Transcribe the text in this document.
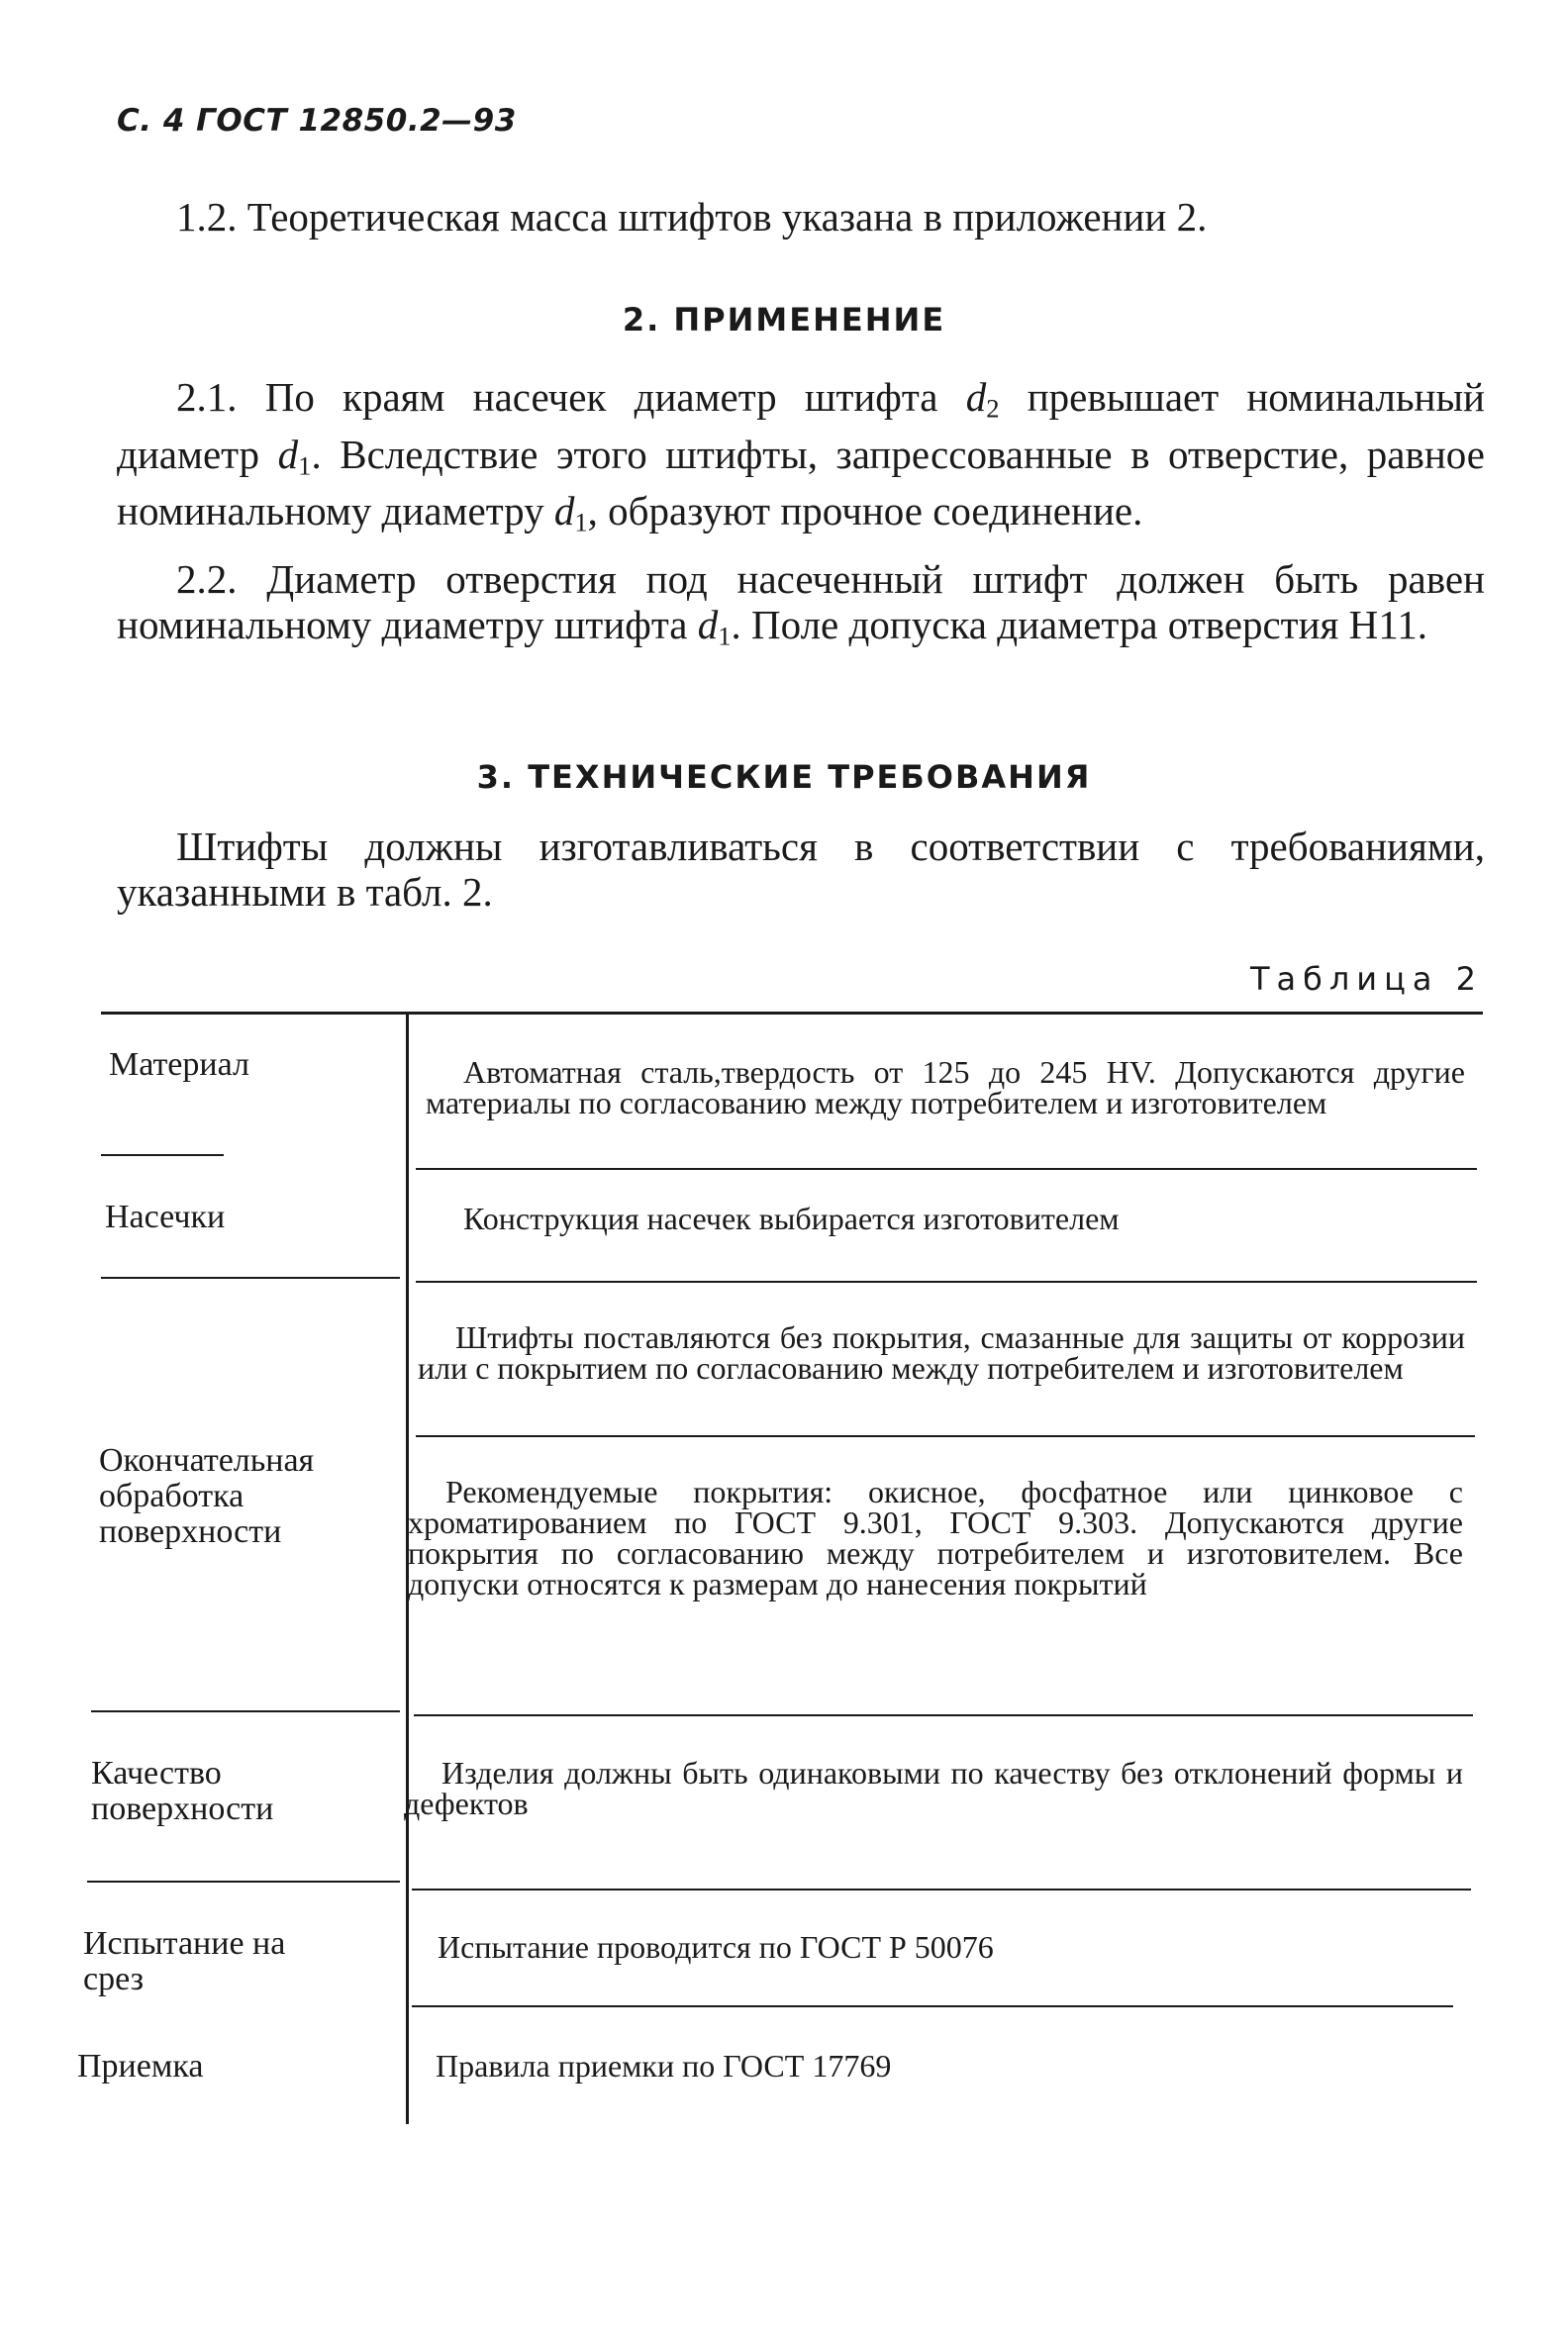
С. 4 ГОСТ 12850.2—93

1.2. Теоретическая масса штифтов указана в приложении 2.

2. ПРИМЕНЕНИЕ

2.1. По краям насечек диаметр штифта $d_2$ превышает номинальный диаметр $d_1$. Вследствие этого штифты, запрессованные в отверстие, равное номинальному диаметру $d_1$, образуют прочное соединение.

2.2. Диаметр отверстия под насеченный штифт должен быть равен номинальному диаметру штифта $d_1$. Поле допуска диаметра отверстия H11.

3. ТЕХНИЧЕСКИЕ ТРЕБОВАНИЯ

Штифты должны изготавливаться в соответствии с требованиями, указанными в табл. 2.

Таблица 2
Материал
Насечки
Окончательная обработка поверхности
Качество поверхности
Испытание на срез
Приемка
Автоматная сталь,твердость от 125 до 245 HV. Допускаются другие материалы по согласованию между потребителем и изготовителем
Конструкция насечек выбирается изготовителем
Штифты поставляются без покрытия, смазанные для защиты от коррозии или с покрытием по согласованию между потребителем и изготовителем
Рекомендуемые покрытия: окисное, фосфатное или цинковое с хроматированием по ГОСТ 9.301, ГОСТ 9.303. Допускаются другие покрытия по согласованию между потребителем и изготовителем. Все допуски относятся к размерам до нанесения покрытий
Изделия должны быть одинаковыми по качеству без отклонений формы и дефектов
Испытание проводится по ГОСТ Р 50076
Правила приемки по ГОСТ 17769
